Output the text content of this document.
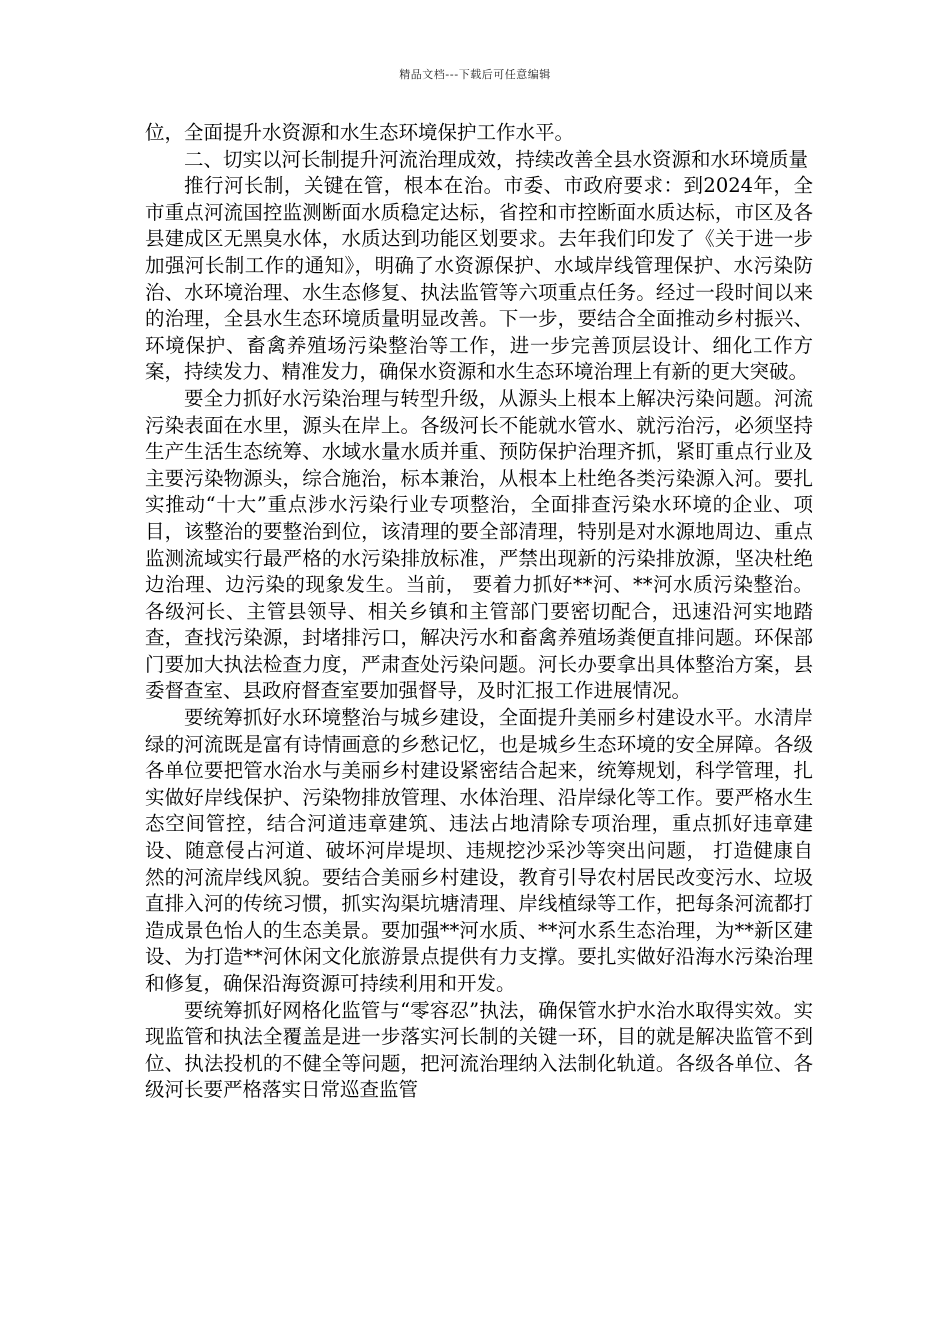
精品文档---下载后可任意编辑

位，全面提升水资源和水生态环境保护工作水平。

二、切实以河长制提升河流治理成效，持续改善全县水资源和水环境质量

推行河长制，关键在管，根本在治。市委、市政府要求：到2024年，全市重点河流国控监测断面水质稳定达标，省控和市控断面水质达标，市区及各县建成区无黑臭水体，水质达到功能区划要求。去年我们印发了《关于进一步加强河长制工作的通知》，明确了水资源保护、水域岸线管理保护、水污染防治、水环境治理、水生态修复、执法监管等六项重点任务。经过一段时间以来的治理，全县水生态环境质量明显改善。下一步，要结合全面推动乡村振兴、环境保护、畜禽养殖场污染整治等工作，进一步完善顶层设计、细化工作方案，持续发力、精准发力，确保水资源和水生态环境治理上有新的更大突破。

要全力抓好水污染治理与转型升级，从源头上根本上解决污染问题。河流污染表面在水里，源头在岸上。各级河长不能就水管水、就污治污，必须坚持生产生活生态统筹、水域水量水质并重、预防保护治理齐抓，紧盯重点行业及主要污染物源头，综合施治，标本兼治，从根本上杜绝各类污染源入河。要扎实推动“十大”重点涉水污染行业专项整治，全面排查污染水环境的企业、项目，该整治的要整治到位，该清理的要全部清理，特别是对水源地周边、重点监测流域实行最严格的水污染排放标准，严禁出现新的污染排放源，坚决杜绝边治理、边污染的现象发生。当前， 要着力抓好**河、**河水质污染整治。各级河长、主管县领导、相关乡镇和主管部门要密切配合，迅速沿河实地踏查，查找污染源，封堵排污口，解决污水和畜禽养殖场粪便直排问题。环保部门要加大执法检查力度，严肃查处污染问题。河长办要拿出具体整治方案，县委督查室、县政府督查室要加强督导，及时汇报工作进展情况。

要统筹抓好水环境整治与城乡建设，全面提升美丽乡村建设水平。水清岸绿的河流既是富有诗情画意的乡愁记忆，也是城乡生态环境的安全屏障。各级各单位要把管水治水与美丽乡村建设紧密结合起来，统筹规划，科学管理，扎实做好岸线保护、污染物排放管理、水体治理、沿岸绿化等工作。要严格水生态空间管控，结合河道违章建筑、违法占地清除专项治理，重点抓好违章建设、随意侵占河道、破坏河岸堤坝、违规挖沙采沙等突出问题， 打造健康自然的河流岸线风貌。要结合美丽乡村建设，教育引导农村居民改变污水、垃圾直排入河的传统习惯，抓实沟渠坑塘清理、岸线植绿等工作，把每条河流都打造成景色怡人的生态美景。要加强**河水质、**河水系生态治理，为**新区建设、为打造**河休闲文化旅游景点提供有力支撑。要扎实做好沿海水污染治理和修复，确保沿海资源可持续利用和开发。

要统筹抓好网格化监管与“零容忍”执法，确保管水护水治水取得实效。实现监管和执法全覆盖是进一步落实河长制的关键一环，目的就是解决监管不到位、执法投机的不健全等问题，把河流治理纳入法制化轨道。各级各单位、各级河长要严格落实日常巡查监管
